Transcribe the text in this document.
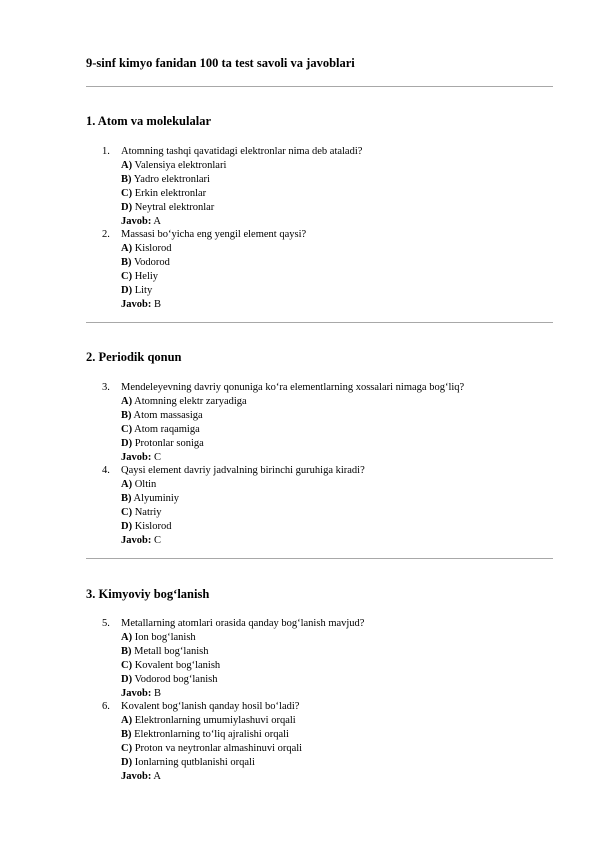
9-sinf kimyo fanidan 100 ta test savoli va javoblari
1. Atom va molekulalar
1.	Atomning tashqi qavatidagi elektronlar nima deb ataladi?
A) Valensiya elektronlari
B) Yadro elektronlari
C) Erkin elektronlar
D) Neytral elektronlar
Javob: A
2.	Massasi bo‘yicha eng yengil element qaysi?
A) Kislorod
B) Vodorod
C) Heliy
D) Lity
Javob: B
2. Periodik qonun
3.	Mendeleyevning davriy qonuniga ko‘ra elementlarning xossalari nimaga bog‘liq?
A) Atomning elektr zaryadiga
B) Atom massasiga
C) Atom raqamiga
D) Protonlar soniga
Javob: C
4.	Qaysi element davriy jadvalning birinchi guruhiga kiradi?
A) Oltin
B) Alyuminiy
C) Natriy
D) Kislorod
Javob: C
3. Kimyoviy bog‘lanish
5.	Metallarning atomlari orasida qanday bog‘lanish mavjud?
A) Ion bog‘lanish
B) Metall bog‘lanish
C) Kovalent bog‘lanish
D) Vodorod bog‘lanish
Javob: B
6.	Kovalent bog‘lanish qanday hosil bo‘ladi?
A) Elektronlarning umumiylashuvi orqali
B) Elektronlarning to‘liq ajralishi orqali
C) Proton va neytronlar almashinuvi orqali
D) Ionlarning qutblanishi orqali
Javob: A
